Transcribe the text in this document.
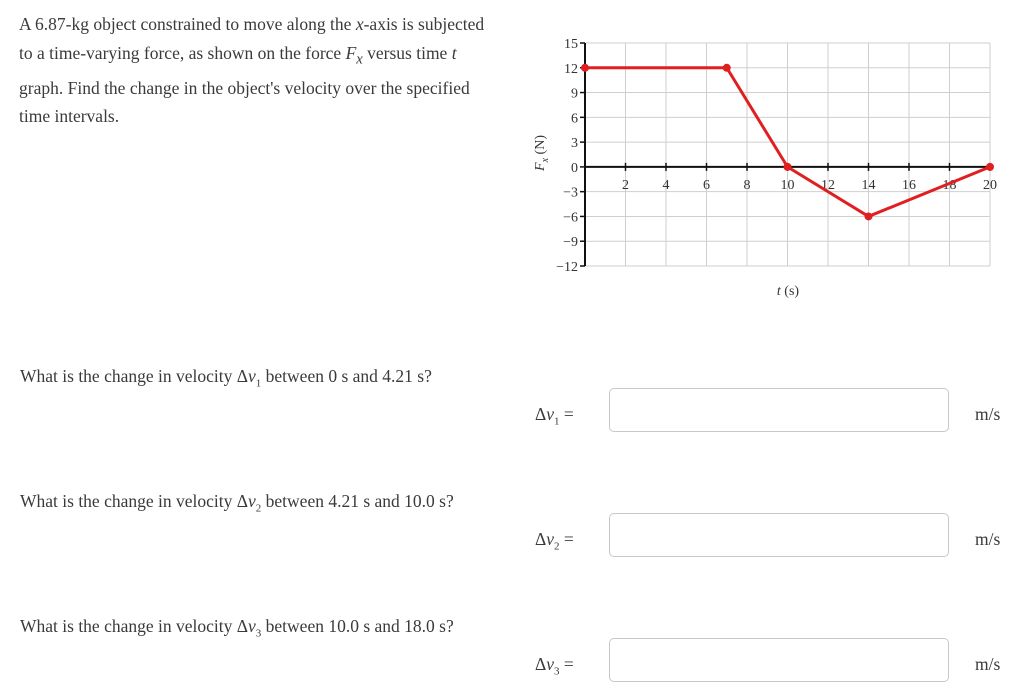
A 6.87-kg object constrained to move along the x-axis is subjected to a time-varying force, as shown on the force $F_x$ versus time t graph. Find the change in the object's velocity over the specified time intervals.
15
12
9
6
3
0
−3
−6
−9
−12
2 4 6 8 10 12 14 16 18 20
$F_x$ (N)
t (s)
What is the change in velocity $\Delta v_1$ between 0 s and 4.21 s?
$\Delta v_1$ =	m/s
What is the change in velocity $\Delta v_2$ between 4.21 s and 10.0 s?
$\Delta v_2$ =	m/s
What is the change in velocity $\Delta v_3$ between 10.0 s and 18.0 s?
$\Delta v_3$ =	m/s
